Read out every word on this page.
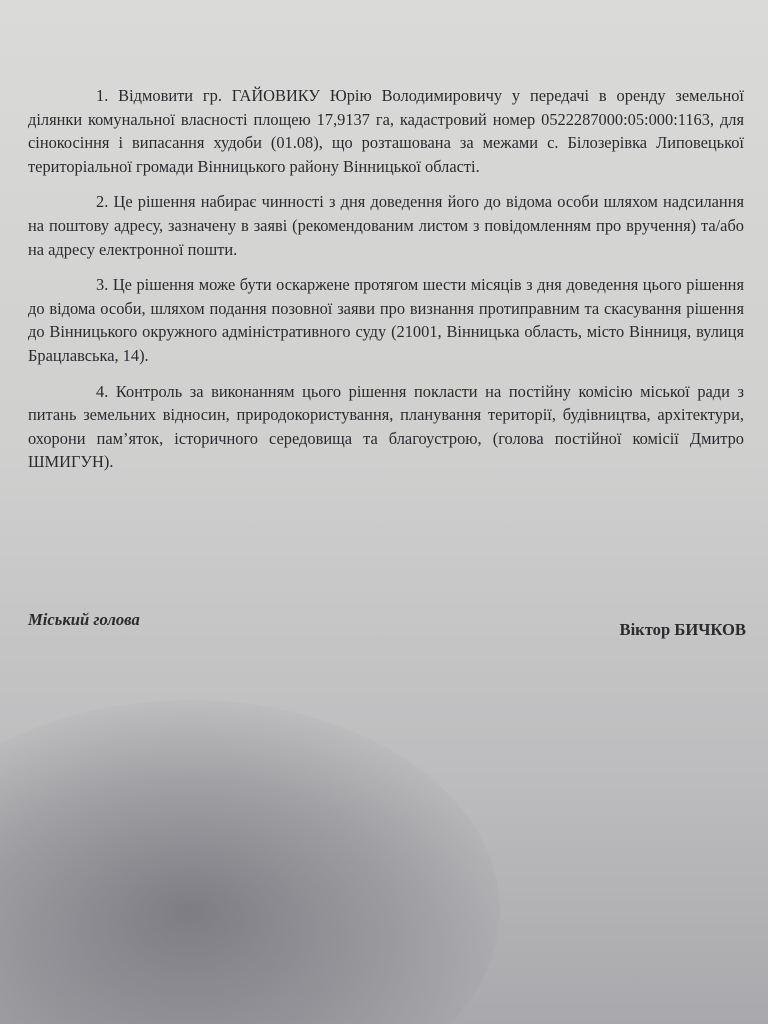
1. Відмовити гр. ГАЙОВИКУ Юрію Володимировичу у передачі в оренду земельної ділянки комунальної власності площею 17,9137 га, кадастровий номер 0522287000:05:000:1163, для сінокосіння і випасання худоби (01.08), що розташована за межами с. Білозерівка Липовецької територіальної громади Вінницького району Вінницької області.

2. Це рішення набирає чинності з дня доведення його до відома особи шляхом надсилання на поштову адресу, зазначену в заяві (рекомендованим листом з повідомленням про вручення) та/або на адресу електронної пошти.

3. Це рішення може бути оскаржене протягом шести місяців з дня доведення цього рішення до відома особи, шляхом подання позовної заяви про визнання протиправним та скасування рішення до Вінницького окружного адміністративного суду (21001, Вінницька область, місто Вінниця, вулиця Брацлавська, 14).

4. Контроль за виконанням цього рішення покласти на постійну комісію міської ради з питань земельних відносин, природокористування, планування території, будівництва, архітектури, охорони пам’яток, історичного середовища та благоустрою, (голова постійної комісії Дмитро ШМИГУН).

Міський голова
Віктор БИЧКОВ
